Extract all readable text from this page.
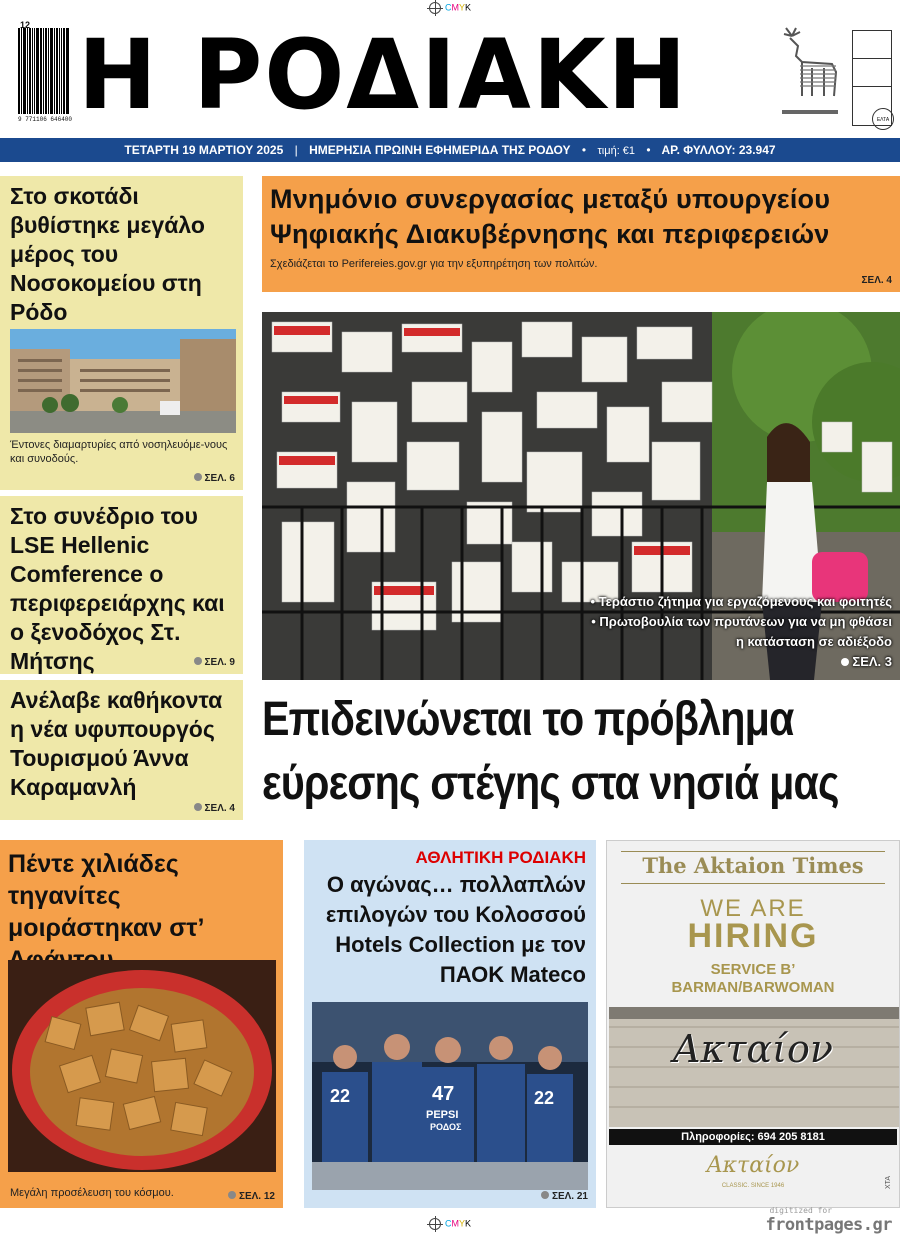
CMYK
9 771106 646400
12 Η ΡΟΔΙΑΚΗ	ΕΛΤΑ
ΤΕΤΑΡΤΗ 19 ΜΑΡΤΙΟΥ 2025 | ΗΜΕΡΗΣΙΑ ΠΡΩΙΝΗ ΕΦΗΜΕΡΙΔΑ ΤΗΣ ΡΟΔΟΥ • τιμή: €1 • ΑΡ. ΦΥΛΛΟΥ: 23.947
Στο σκοτάδι βυθίστηκε μεγάλο μέρος του Νοσοκομείου στη Ρόδο
Έντονες διαμαρτυρίες από νοσηλευόμε-νους και συνοδούς.
ΣΕΛ. 6
Στο συνέδριο του LSE Hellenic Comference ο περιφερειάρχης και ο ξενοδόχος Στ. Μήτσης	ΣΕΛ. 9
Ανέλαβε καθήκοντα η νέα υφυπουργός Τουρισμού Άννα Καραμανλή
ΣΕΛ. 4
Μνημόνιο συνεργασίας μεταξύ υπουργείου Ψηφιακής Διακυβέρνησης και περιφερειών
Σχεδιάζεται το Perifereies.gov.gr για την εξυπηρέτηση των πολιτών.
ΣΕΛ. 4
• Τεράστιο ζήτημα για εργαζόμενους και φοιτητές
• Πρωτοβουλία των πρυτάνεων για να μη φθάσει
η κατάσταση σε αδιέξοδο
ΣΕΛ. 3
Επιδεινώνεται το πρόβλημα
εύρεσης στέγης στα νησιά μας
Πέντε χιλιάδες τηγανίτες μοιράστηκαν στ’
Μεγάλη προσέλευση του κόσμου.	ΣΕΛ. 12
ΑΘΛΗΤΙΚΗ ΡΟΔΙΑΚΗ
Ο αγώνας… πολλαπλών επιλογών του Κολοσσού Hotels Collection με τον ΠΑΟΚ Mateco
22	47	22
PEPSI
ΡΟΔΟΣ
ΣΕΛ. 21
The Aktaion Times
WE ARE
HIRING
SERVICE B’
BARMAN/BARWOMAN
Ακταίον
Πληροφορίες: 694 205 8181
Ακταίον
CLASSIC. SINCE 1946	ΧΤΑ
CMYK
digitized for
frontpages.gr
